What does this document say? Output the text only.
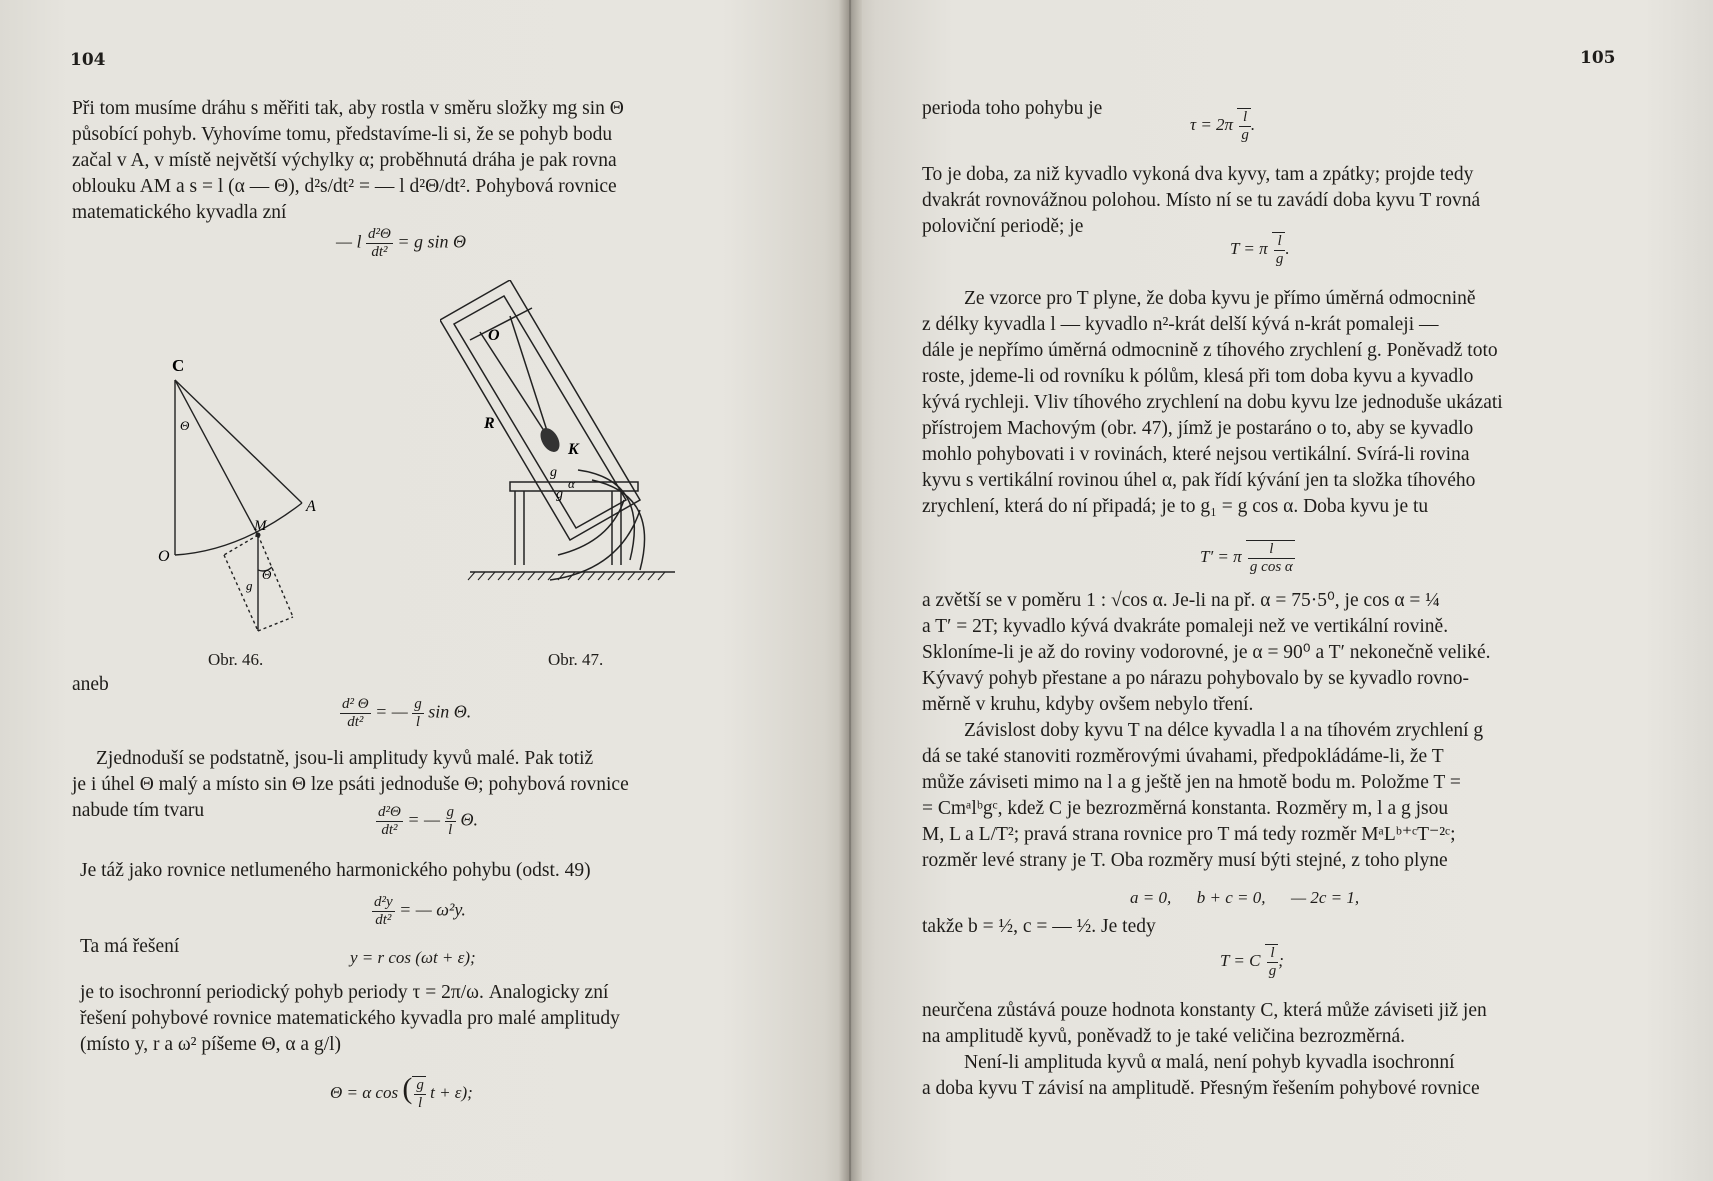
104
Při tom musíme dráhu s měřiti tak, aby rostla v směru složky mg sin Θ
působící pohyb. Vyhovíme tomu, představíme-li si, že se pohyb bodu
začal v A, v místě největší výchylky α; proběhnutá dráha je pak rovna
oblouku AM a s = l (α — Θ), d²s/dt² = — l d²Θ/dt². Pohybová rovnice
matematického kyvadla zní
— l $\frac{\text{d²Θ}}{\text{dt²}} = g$ sin Θ
C
Θ
A
M
O
Θ
g
O
R
K
g
α
g
Obr. 46.	Obr. 47.
aneb
$\frac{\text{d² Θ}}{\text{dt²}}$ = — $\frac{g}{l}$ sin Θ.
Zjednoduší se podstatně, jsou-li amplitudy kyvů malé. Pak totiž
je i úhel Θ malý a místo sin Θ lze psáti jednoduše Θ; pohybová rovnice
nabude tím tvaru	$\frac{\text{d²Θ}}{\text{dt²}}$ = — $\frac{g}{l} \Theta$.
Je táž jako rovnice netlumeného harmonického pohybu (odst. 49)
$\frac{\text{d²y}}{\text{dt²}}$ = — ω²y.
Ta má řešení
y = r cos (ωt + ε);
je to isochronní periodický pohyb periody τ = 2π/ω. Analogicky zní
řešení pohybové rovnice matematického kyvadla pro malé amplitudy
(místo y, r a ω² píšeme Θ, α a g/l)
Θ = α cos ( $\frac{g}{l}$ t + ε);
105
perioda toho pohybu je
$\tau = 2\pi \frac{l}{g}$ .
To je doba, za niž kyvadlo vykoná dva kyvy, tam a zpátky; projde tedy
dvakrát rovnovážnou polohou. Místo ní se tu zavádí doba kyvu T rovná
poloviční periodě; je
T = π $\frac{l}{g}$ .
Ze vzorce pro T plyne, že doba kyvu je přímo úměrná odmocnině
z délky kyvadla l — kyvadlo n²-krát delší kývá n-krát pomaleji —
dále je nepřímo úměrná odmocnině z tíhového zrychlení g. Poněvadž toto
roste, jdeme-li od rovníku k pólům, klesá při tom doba kyvu a kyvadlo
kývá rychleji. Vliv tíhového zrychlení na dobu kyvu lze jednoduše ukázati
přístrojem Machovým (obr. 47), jímž je postaráno o to, aby se kyvadlo
mohlo pohybovati i v rovinách, které nejsou vertikální. Svírá-li rovina
kyvu s vertikální rovinou úhel α, pak řídí kývání jen ta složka tíhového
zrychlení, která do ní připadá; je to g₁ = g cos α. Doba kyvu je tu
T′ = π $\frac{l}{\text{g cos α}}$
a zvětší se v poměru 1 : √cos α. Je-li na př. α = 75·5⁰, je cos α = ¼
a T′ = 2T; kyvadlo kývá dvakráte pomaleji než ve vertikální rovině.
Skloníme-li je až do roviny vodorovné, je α = 90⁰ a T′ nekonečně veliké.
Kývavý pohyb přestane a po nárazu pohybovalo by se kyvadlo rovno-
měrně v kruhu, kdyby ovšem nebylo tření.
Závislost doby kyvu T na délce kyvadla l a na tíhovém zrychlení g
dá se také stanoviti rozměrovými úvahami, předpokládáme-li, že T
může záviseti mimo na l a g ještě jen na hmotě bodu m. Položme T =
= Cmᵃlᵇgᶜ, kdež C je bezrozměrná konstanta. Rozměry m, l a g jsou
M, L a L/T²; pravá strana rovnice pro T má tedy rozměr MᵃLᵇ⁺ᶜT⁻²ᶜ;
rozměr levé strany je T. Oba rozměry musí býti stejné, z toho plyne
a = 0,      b + c = 0,      — 2c = 1,
takže b = ½, c = — ½. Je tedy
T = C $\frac{l}{g}$ ;
neurčena zůstává pouze hodnota konstanty C, která může záviseti již jen
na amplitudě kyvů, poněvadž to je také veličina bezrozměrná.
Není-li amplituda kyvů α malá, není pohyb kyvadla isochronní
a doba kyvu T závisí na amplitudě. Přesným řešením pohybové rovnice
